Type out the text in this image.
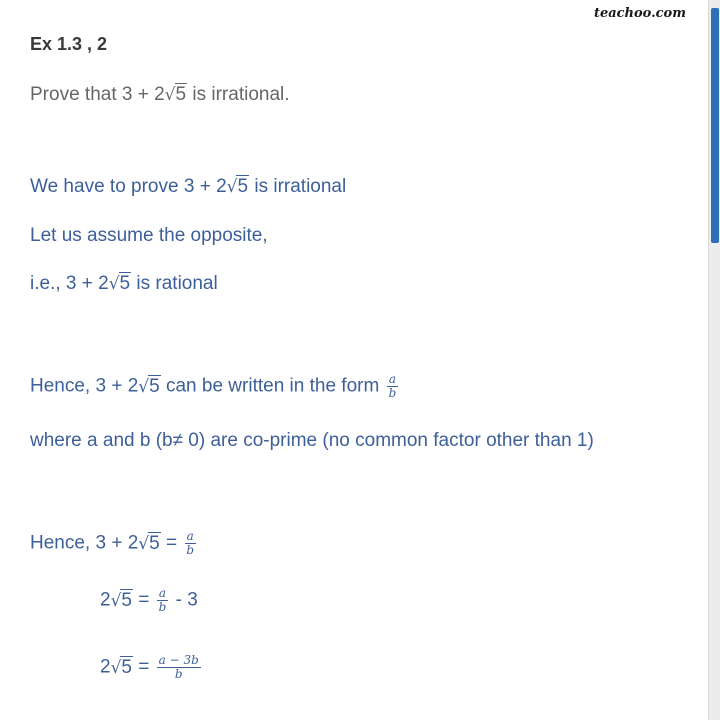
teachoo.com
Ex 1.3 , 2
Prove that 3 + 2√5 is irrational.
We have to prove 3 + 2√5 is irrational
Let us assume the opposite,
i.e., 3 + 2√5 is rational
Hence, 3 + 2√5 can be written in the form $\frac{a}{b}$
where a and b (b≠ 0) are co-prime (no common factor other than 1)
Hence, $3 + 2√5 = \frac{a}{b}$
$2√5 = \frac{a}{b} - 3$
$2√5 = \frac{a - 3b}{b}$
